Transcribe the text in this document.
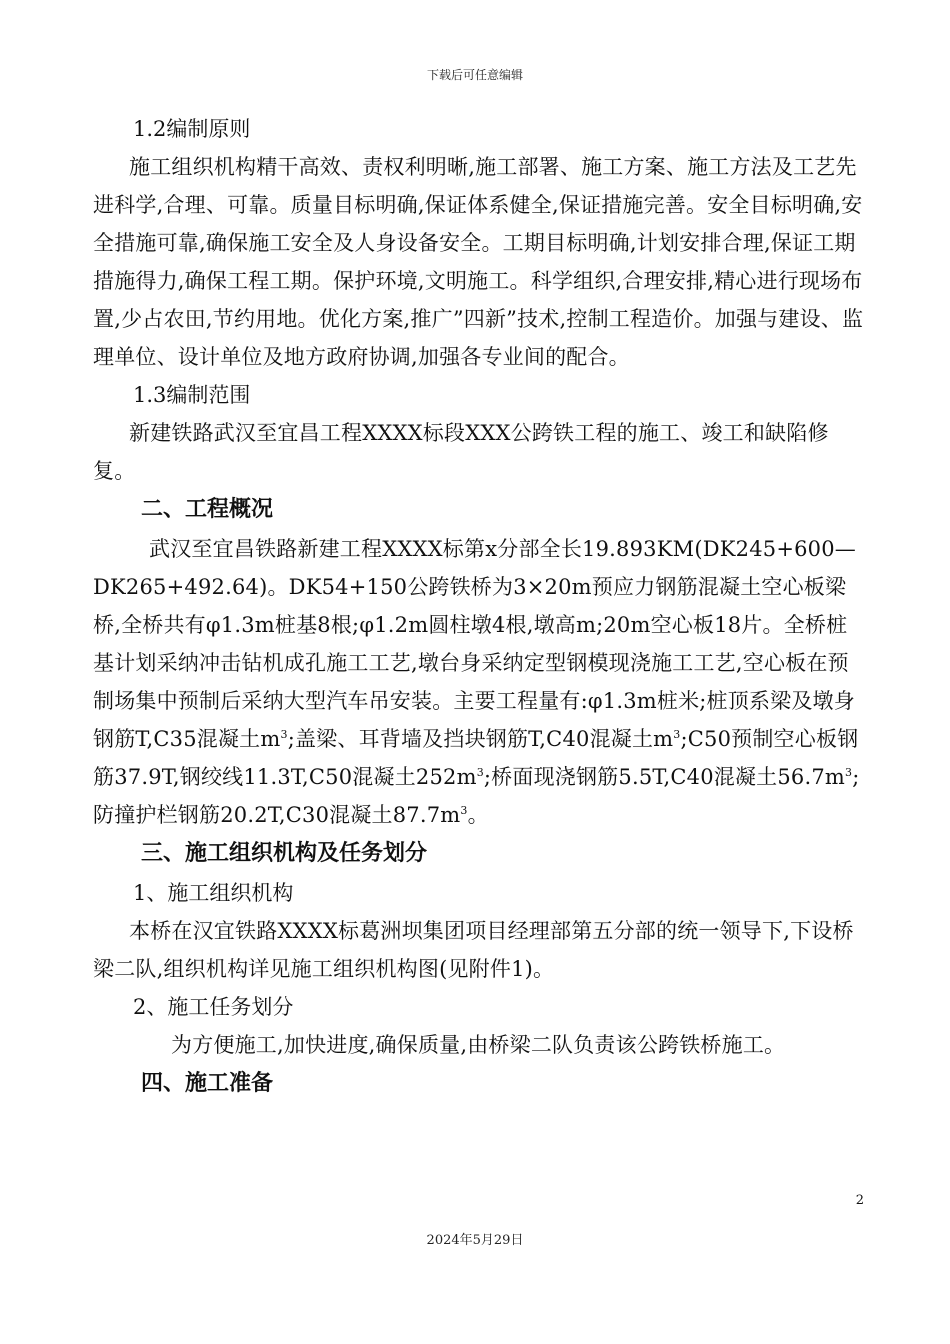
下载后可任意编辑

1.2编制原则

施工组织机构精干高效、责权利明晰,施工部署、施工方案、施工方法及工艺先进科学,合理、可靠。质量目标明确,保证体系健全,保证措施完善。安全目标明确,安全措施可靠,确保施工安全及人身设备安全。工期目标明确,计划安排合理,保证工期措施得力,确保工程工期。保护环境,文明施工。科学组织,合理安排,精心进行现场布置,少占农田,节约用地。优化方案,推广”四新”技术,控制工程造价。加强与建设、监理单位、设计单位及地方政府协调,加强各专业间的配合。

1.3编制范围

新建铁路武汉至宜昌工程XXXX标段XXX公跨铁工程的施工、竣工和缺陷修复。

二、工程概况

武汉至宜昌铁路新建工程XXXX标第x分部全长19.893KM(DK245+600—DK265+492.64)。DK54+150公跨铁桥为3×20m预应力钢筋混凝土空心板梁桥,全桥共有φ1.3m桩基8根;φ1.2m圆柱墩4根,墩高m;20m空心板18片。全桥桩基计划采纳冲击钻机成孔施工工艺,墩台身采纳定型钢模现浇施工工艺,空心板在预制场集中预制后采纳大型汽车吊安装。主要工程量有:φ1.3m桩米;桩顶系梁及墩身钢筋T,C35混凝土$m^3$;盖梁、耳背墙及挡块钢筋T,C40混凝土$m^3;C50$预制空心板钢筋37.9T,钢绞线11.3T,C50混凝土$252m^3$;桥面现浇钢筋5.5T,C40混凝土$56.7m^3$;防撞护栏钢筋20.2T,C30混凝土$87.7m^3$。

三、施工组织机构及任务划分

1、施工组织机构

本桥在汉宜铁路XXXX标葛洲坝集团项目经理部第五分部的统一领导下,下设桥梁二队,组织机构详见施工组织机构图(见附件1)。

2、施工任务划分

为方便施工,加快进度,确保质量,由桥梁二队负责该公跨铁桥施工。

四、施工准备

2
2024年5月29日
